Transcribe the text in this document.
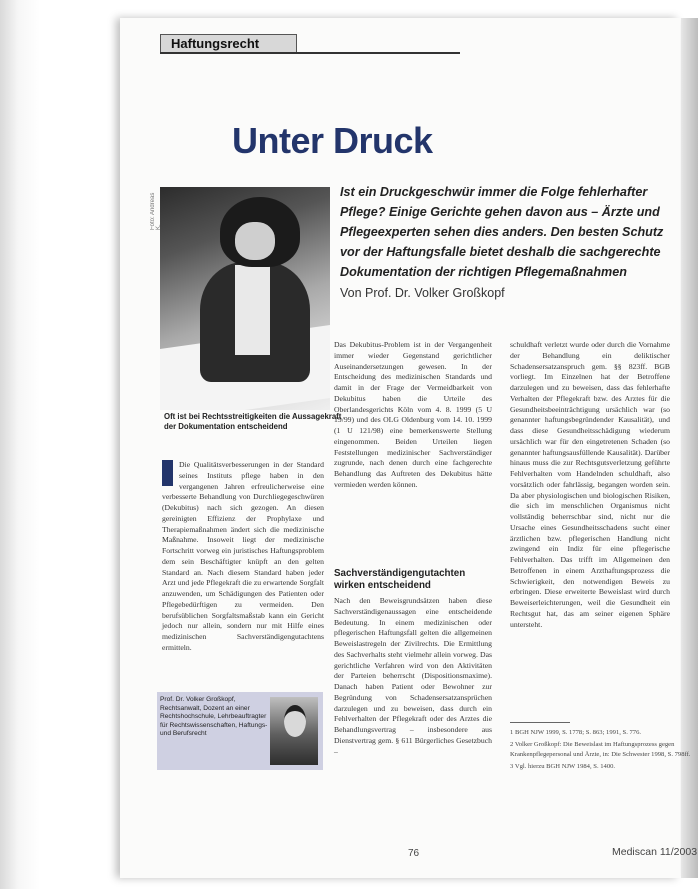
Haftungsrecht
Unter Druck
Foto: Andreas K.
Oft ist bei Rechtsstreitigkeiten die Aussagekraft der Dokumentation entscheidend
Ist ein Druckgeschwür immer die Folge fehlerhafter Pflege? Einige Gerichte gehen davon aus – Ärzte und Pflegeexperten sehen dies anders. Den besten Schutz vor der Haftungsfalle bietet deshalb die sachgerechte Dokumentation der richtigen Pflegemaßnahmen
Von Prof. Dr. Volker Großkopf

Die Qualitätsverbesserungen in der Standard seines Instituts pflege haben in den vergangenen Jahren erfreulicherweise eine verbesserte Behandlung von Durchliegegeschwüren (Dekubitus) nach sich gezogen. An diesen gereinigten Effizienz der Prophylaxe und Therapiemaßnahmen ändert sich die medizinische Maßnahme. Insoweit liegt der medizinische Fortschritt vorweg ein juristisches Haftungsproblem dem sein Beschäftigter knüpft an den gelten Standard an. Nach diesem Standard haben jeder Arzt und jede Pflegekraft die zu erwartende Sorgfalt anzuwenden, um Schädigungen des Patienten oder Pflegebedürftigen zu vermeiden. Den berufsüblichen Sorgfaltsmaßstab kann ein Gericht jedoch nur allein, sondern nur mit Hilfe eines medizinischen Sachverständigengutachtens ermitteln.

Das Dekubitus-Problem ist in der Vergangenheit immer wieder Gegenstand gerichtlicher Auseinandersetzungen gewesen. In der Entscheidung des medizinischen Standards und damit in der Frage der Vermeidbarkeit von Dekubitus haben die Urteile des Oberlandesgerichts Köln vom 4. 8. 1999 (5 U 19/99) und des OLG Oldenburg vom 14. 10. 1999 (1 U 121/98) eine bemerkenswerte Stellung eingenommen. Beiden Urteilen liegen Feststellungen medizinischer Sachverständiger zugrunde, nach denen durch eine fachgerechte Behandlung das Auftreten des Dekubitus hätte vermieden werden können.

Sachverständigengutachten wirken entscheidend

Nach den Beweisgrundsätzen haben diese Sachverständigenaussagen eine entscheidende Bedeutung. In einem medizinischen oder pflegerischen Haftungsfall gelten die allgemeinen Beweislastregeln der Zivilrechts. Die Ermittlung des Sachverhalts steht vielmehr allein vorweg. Das gerichtliche Verfahren wird von den Aktivitäten der Parteien beherrscht (Dispositionsmaxime). Danach haben Patient oder Bewohner zur Begründung von Schadensersatzansprüchen darzulegen und zu beweisen, dass durch ein Fehlverhalten der Pflegekraft oder des Arztes die Behandlungsvertrag – insbesondere aus Dienstvertrag gem. § 611 Bürgerliches Gesetzbuch –

schuldhaft verletzt wurde oder durch die Vornahme der Behandlung ein deliktischer Schadensersatzanspruch gem. §§ 823ff. BGB vorliegt. Im Einzelnen hat der Betroffene darzulegen und zu beweisen, dass das fehlerhafte Verhalten der Pflegekraft bzw. des Arztes für die Gesundheitsbeeinträchtigung ursächlich war (so genannter haftungsbegründender Kausalität), und dass diese Gesundheitsschädigung wiederum ursächlich war für den eingetretenen Schaden (so genannter haftungsausfüllende Kausalität). Darüber hinaus muss die zur Rechtsgutsverletzung geführte Fehlverhalten vom Handelnden schuldhaft, also vorsätzlich oder fahrlässig, begangen worden sein. Da aber physiologischen und biologischen Risiken, die sich im menschlichen Organismus nicht vollständig beherrschbar sind, nicht nur die Ursache eines Gesundheitsschadens sucht einer ärztlichen bzw. pflegerischen Handlung nicht zwingend ein Indiz für eine pflegerische Fehlverhalten. Das trifft im Allgemeinen den Betroffenen in einem Arzthaftungsprozess die Schwierigkeit, den notwendigen Beweis zu erbringen. Diese erweiterte Beweislast wird durch Beweiserleichterungen, weil die Gesundheit ein Rechtsgut hat, das am seiner eigenen Sphäre untersteht.

Prof. Dr. Volker Großkopf, Rechtsanwalt, Dozent an einer Rechtshochschule, Lehrbeauftragter für Rechtswissenschaften, Haftungs- und Berufsrecht	1 BGH NJW 1999, S. 1778; S. 863; 1991, S. 776.

2 Volker Großkopf: Die Beweislast im Haftungsprozess gegen Krankenpflegepersonal und Ärzte, in: Die Schwester 1998, S. 798ff.

3 Vgl. hierzu BGH NJW 1984, S. 1400.

76	Mediscan 11/2003
